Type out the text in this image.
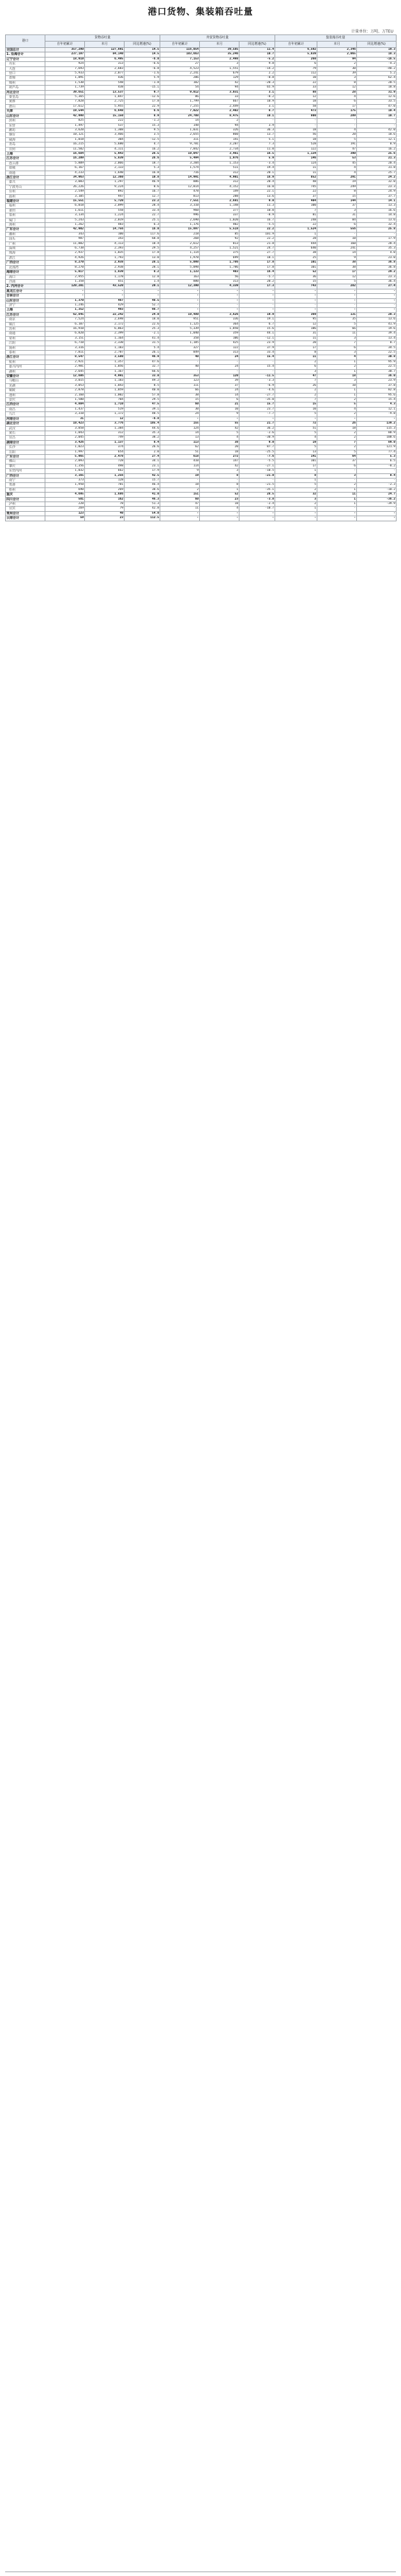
港口货物、集装箱吞吐量
计量单位：万吨、万TEU
港口	货物吞吐量			外贸货物吞吐量			集装箱吞吐量		
	自年初累计	本月	同比增速(%)	自年初累计	本月	同比增速(%)	自年初累计	本月	同比增速(%)
全国总计	357,290	127,691	14.5	116,054	39,585	11.4	6,592	2,346	19.3
1. 沿海合计	237,197	84,140	14.5	103,663	35,246	10.7	5,839	2,065	18.3
辽宁合计	18,910	6,495	-6.0	7,153	2,498	-5.2	260	94	-16.5
丹东	924	313	-6.6	27	3	9.8	6	2	-4.2
大连	7,693	2,683	-6.8	4,523	1,551	-14.2	79	30	-48.2
营口	5,933	2,077	-1.6	2,241	679	2.2	112	39	5.2
盘锦	1,091	436	5.9	206	129	-0.8	10	3	62.4
锦州	1,530	548	-1.8	102	42	-20.3	22	8	20.5
葫芦岛	1,739	438	-15.1	54	94	65.9	33	12	18.8
河北合计	39,651	13,537	9.7	9,012	3,031	3.1	88	28	31.9
秦皇岛	5,365	1,847	-12.6	86	33	-8.2	12	4	12.6
黄骅	7,828	2,725	17.8	1,799	667	10.9	18	6	33.5
唐山	17,612	5,955	22.9	7,255	2,449	3.1	58	17	47.0
天津	19,544	6,648	6.6	7,022	2,402	8.7	473	175	10.4
山东合计	42,998	15,150	8.9	24,708	8,475	10.1	800	289	10.7
滨州	825	222	-1.2	14	2	-	-	-	-
东营	1,497	537	15.3	148	94	3.9	-	-	-
潍坊	3,620	1,308	9.5	1,031	326	36.3	18	4	42.0
烟台	10,121	3,466	3.5	2,655	860	13.7	56	20	18.6
威海	1,018	304	-12.5	311	141	5.1	18	5	12.1
青岛	16,215	5,680	4.7	9,781	3,287	7.3	528	191	8.9
日照	11,502	4,111	16.2	7,842	2,734	11.0	122	47	16.2
上海	16,684	5,943	26.5	10,047	3,461	16.5	1,134	390	25.6
江苏合计	16,209	5,839	26.6	5,494	1,976	5.9	146	53	21.3
连云港	5,809	2,066	18.7	3,204	1,153	-3.4	124	45	20.4
盐城	6,167	2,133	5.3	1,574	511	19.4	11	4	31.8
南通	4,233	1,640	16.8	716	312	20.1	11	4	25.7
浙江合计	34,963	12,360	10.8	14,991	4,901	16.9	852	291	24.2
嘉兴	3,083	1,297	46.9	886	312	20.4	48	19	32.0
宁波舟山	26,226	9,224	8.6	12,814	4,152	16.0	745	249	23.3
台州	2,549	892	16.7	478	149	22.1	22	8	24.9
温州	3,105	947	12.7	813	288	13.6	37	15	37.7
福建合计	15,551	5,720	23.2	7,551	2,681	9.0	404	144	14.1
福州	6,018	2,099	28.4	3,310	1,148	11.3	100	37	13.3
莆田	1,611	558	33.4	960	377	10.0	7	3	16.6
泉州	3,134	1,224	22.7	996	337	-8.9	81	31	14.8
厦门	5,243	2,019	25.1	2,690	1,020	16.7	248	84	13.6
漳州	1,262	483	6.3	1,176	402	-5.5	22	6	32.4
广东合计	42,902	14,756	16.0	15,897	5,518	22.2	1,524	556	25.8
潮州	343	100	117.6	218	85	101.9	1	-	-
汕头	987	343	68.8	268	92	22.2	28	10	17.9
广州	11,802	4,113	18.4	2,612	813	21.8	444	160	28.4
深圳	6,738	2,393	29.5	4,257	1,521	24.7	640	241	35.3
珠海	2,937	1,035	17.8	1,114	375	27.7	38	14	4.0
湛江	4,926	1,793	13.0	1,978	699	18.1	25	9	23.0
广西合计	8,270	2,938	28.1	5,098	1,786	17.8	101	38	36.8
北部湾	8,270	2,938	28.1	5,098	1,786	17.8	101	38	36.8
海南合计	5,017	1,839	8.2	1,133	403	16.4	52	17	29.2
海口	2,955	1,178	12.8	163	56	-5.7	36	12	23.3
洋浦	1,358	451	1.4	880	313	20.2	15	5	36.4
2. 内河合计	120,201	43,520	29.1	12,390	4,339	17.3	743	282	27.4
黑龙江合计	-	-	-	-	-	-	-	-	-
吉林合计	-	-	-	-	-	-	-	-	-
山东合计	1,370	467	48.5	-	-	-	-	-	-
济宁	1,246	429	52.7	-	-	-	-	-	-
上海	1,352	493	98.7	-	-	-	-	-	-
江苏合计	62,845	22,242	24.0	10,480	3,626	19.9	369	131	20.3
南京	7,524	2,698	18.0	951	336	19.1	95	35	13.6
镇江	6,107	2,172	22.6	1,125	364	6.7	12	5	41.9
苏州	16,910	6,063	25.3	5,339	1,850	15.6	186	66	19.6
南通	6,820	2,399	-2.1	1,040	359	44.1	31	11	39.4
常州	3,151	1,164	41.4	358	106	-12.1	11	3	13.4
江阴	6,710	2,330	31.5	1,185	425	23.9	20	7	8.7
扬州	3,316	1,183	5.4	327	122	37.9	17	6	34.5
泰州	7,811	2,787	26.1	849	313	33.4	8	3	22.5
浙江合计	8,547	3,580	46.9	40	24	15.4	11	4	30.8
杭州	2,921	1,357	47.6	-	-	-	2	1	95.9
嘉兴内河	2,981	1,056	32.7	40	24	15.4	6	2	22.5
湖州	2,645	1,167	66.6	-	-	-	3	1	30.7
安徽合计	12,606	4,991	33.0	353	120	-11.5	47	18	36.0
马鞍山	3,015	1,183	49.2	123	39	-3.3	7	3	23.9
芜湖	3,053	1,043	8.5	111	37	-6.9	26	10	37.8
铜陵	2,878	1,059	40.0	66	24	-4.6	2	1	82.8
池州	2,160	1,002	57.8	38	14	-27.7	2	1	95.6
安庆	1,500	704	29.5	15	6	-35.0	7	2	15.4
江西合计	4,804	1,710	47.5	60	21	15.7	15	5	4.3
南昌	1,437	519	39.1	30	10	23.7	10	4	12.1
九江	3,310	1,172	48.5	24	9	-7.7	5	2	-9.8
河南合计	31	12	-6.8	-	-	-	-	-	-
湖北合计	10,423	3,776	105.4	155	55	21.7	72	26	139.2
武汉	3,858	1,384	44.6	124	42	36.2	51	18	115.3
黄石	1,043	312	35.3	14	5	-2.6	5	2	88.9
宜昌	2,045	749	38.2	13	4	-30.9	4	2	100.6
湖南合计	3,426	1,137	8.4	113	38	9.0	19	7	89.0
长沙	1,023	374	26.6	62	20	87.7	5	2	121.9
岳阳	1,997	654	2.0	51	18	-25.5	13	5	77.4
广东合计	5,965	2,478	27.4	618	272	-7.6	141	64	5.3
佛山	2,093	728	34.1	410	147	-5.5	101	37	6.5
肇庆	1,356	498	23.1	114	42	-27.1	17	6	-8.2
东莞内河	1,032	662	17.9	9	3	-10.5	1	-	-
广西合计	3,165	1,256	42.5	19	8	-21.0	8	3	0.4
南宁	373	128	15.7	-	-	-	1	-	-
贵港	1,950	781	46.4	18	8	-21.5	5	2	-2.3
梧州	690	269	38.6	2	1	-35.1	2	1	-10.2
重庆	4,695	1,686	41.0	151	52	28.5	32	11	24.7
四川合计	501	162	46.3	60	23	-3.8	3	1	-36.2
泸州	220	78	51.3	47	18	-2.4	2	1	-39.9
宜宾	269	79	42.8	11	4	-10.7	1	-	-
贵州合计	123	40	54.0	-	-	-	-	-	-
云南合计	59	23	112.5	-	-	-	-	-	-
